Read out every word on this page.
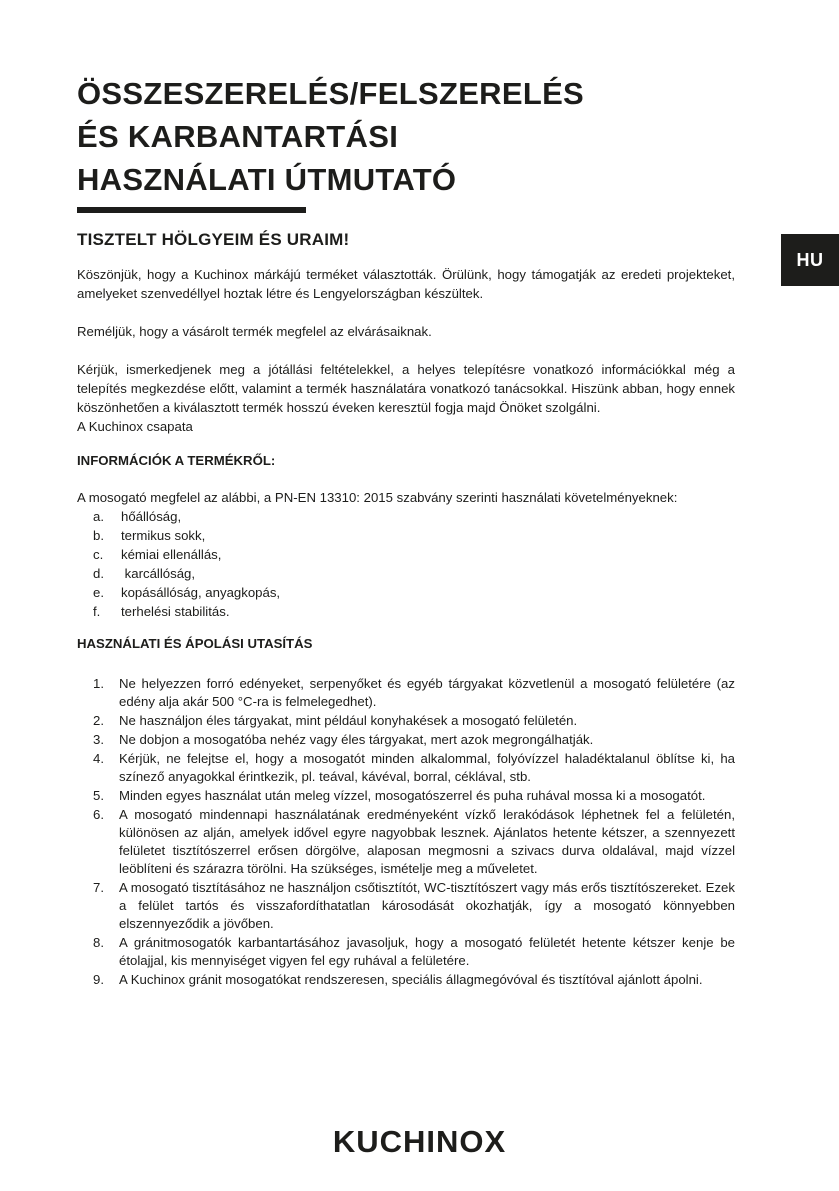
ÖSSZESZERELÉS/FELSZERELÉS
ÉS KARBANTARTÁSI
HASZNÁLATI ÚTMUTATÓ
HU
TISZTELT HÖLGYEIM ÉS URAIM!

Köszönjük, hogy a Kuchinox márkájú terméket választották. Örülünk, hogy támogatják az eredeti projekteket, amelyeket szenvedéllyel hoztak létre és Lengyelországban készültek.

Reméljük, hogy a vásárolt termék megfelel az elvárásaiknak.

Kérjük, ismerkedjenek meg a jótállási feltételekkel, a helyes telepítésre vonatkozó információkkal még a telepítés megkezdése előtt, valamint a termék használatára vonatkozó tanácsokkal. Hiszünk abban, hogy ennek köszönhetően a kiválasztott termék hosszú éveken keresztül fogja majd Önöket szolgálni.
A Kuchinox csapata
INFORMÁCIÓK A TERMÉKRŐL:

A mosogató megfelel az alábbi, a PN-EN 13310: 2015 szabvány szerinti használati követelményeknek:

a.	hőállóság,
b.	termikus sokk,
c.	kémiai ellenállás,
d.	karcállóság,
e.	kopásállóság, anyagkopás,
f.	terhelési stabilitás.
HASZNÁLATI ÉS ÁPOLÁSI UTASÍTÁS
1.	Ne helyezzen forró edényeket, serpenyőket és egyéb tárgyakat közvetlenül a mosogató felületére (az edény alja akár 500 °C-ra is felmelegedhet).
2.	Ne használjon éles tárgyakat, mint például konyhakések a mosogató felületén.
3.	Ne dobjon a mosogatóba nehéz vagy éles tárgyakat, mert azok megrongálhatják.
4.	Kérjük, ne felejtse el, hogy a mosogatót minden alkalommal, folyóvízzel haladéktalanul öblítse ki, ha színező anyagokkal érintkezik, pl. teával, kávéval, borral, céklával, stb.
5.	Minden egyes használat után meleg vízzel, mosogatószerrel és puha ruhával mossa ki a mosogatót.
6.	A mosogató mindennapi használatának eredményeként vízkő lerakódások léphetnek fel a felületén, különösen az alján, amelyek idővel egyre nagyobbak lesznek. Ajánlatos hetente kétszer, a szennyezett felületet tisztítószerrel erősen dörgölve, alaposan megmosni a szivacs durva oldalával, majd vízzel leöblíteni és szárazra törölni. Ha szükséges, ismételje meg a műveletet.
7.	A mosogató tisztításához ne használjon csőtisztítót, WC-tisztítószert vagy más erős tisztítószereket. Ezek a felület tartós és visszafordíthatatlan károsodását okozhatják, így a mosogató könnyebben elszennyeződik a jövőben.
8.	A gránitmosogatók karbantartásához javasoljuk, hogy a mosogató felületét hetente kétszer kenje be étolajjal, kis mennyiséget vigyen fel egy ruhával a felületére.
9.	A Kuchinox gránit mosogatókat rendszeresen, speciális állagmegóvóval és tisztítóval ajánlott ápolni.
KUCHINOX
